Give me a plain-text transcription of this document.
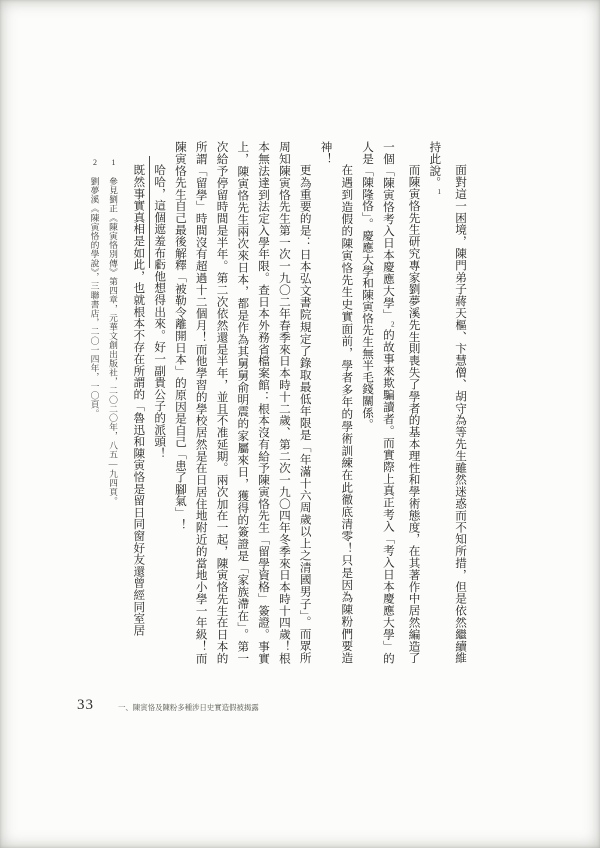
面對這一困境，陳門弟子蔣天樞、卞慧僧、胡守為等先生雖然迷惑而不知所措，但是依然繼續維持此說。$^1$

而陳寅恪先生研究專家劉夢溪先生則喪失了學者的基本理性和學術態度，在其著作中居然編造了一個「陳寅恪考入日本慶應大學」$^2$的故事來欺騙讀者。而實際上真正考入「考入日本慶應大學」的人是「陳隆恪」。慶應大學和陳寅恪先生無半毛錢關係。

在遇到造假的陳寅恪先生史實面前，學者多年的學術訓練在此徹底清零！只是因為陳粉們要造神！

更為重要的是：日本弘文書院規定了錄取最低年限是「年滿十六周歲以上之清國男子」。而眾所周知陳寅恪先生第一次一九〇二年春季來日本時十二歲、第二次一九〇四年冬季來日本時十四歲！根本無法達到法定入學年限。查日本外務省檔案館：根本沒有給予陳寅恪先生「留學資格」簽證。事實上，陳寅恪先生兩次來日本，都是作為其舅舅俞明震的家屬來日，獲得的簽證是「家族滯在」。第一次給予停留時間是半年。第二次依然還是半年，並且不准延期。兩次加在一起，陳寅恪先生在日本的所謂「留學」時間沒有超過十二個月！而他學習的學校居然是在日居住地附近的當地小學一年級！而陳寅恪先生自己最後解釋「被勒令離開日本」的原因是自己「患了腳氣」！

哈哈，這個遮羞布虧他想得出來。好一副貴公子的派頭！

既然事實真相是如此，也就根本不存在所謂的「魯迅和陳寅恪是留日同窗好友還曾經同室居

1 參見劉正《陳寅恪別傳》第四章，元華文創出版社，二〇二〇年，八五—九四頁。

2 劉夢溪《陳寅恪的學說》，三聯書店，二〇一四年，一〇頁。

33	一、陳寅恪及陳粉多種涉日史實造假被揭露
